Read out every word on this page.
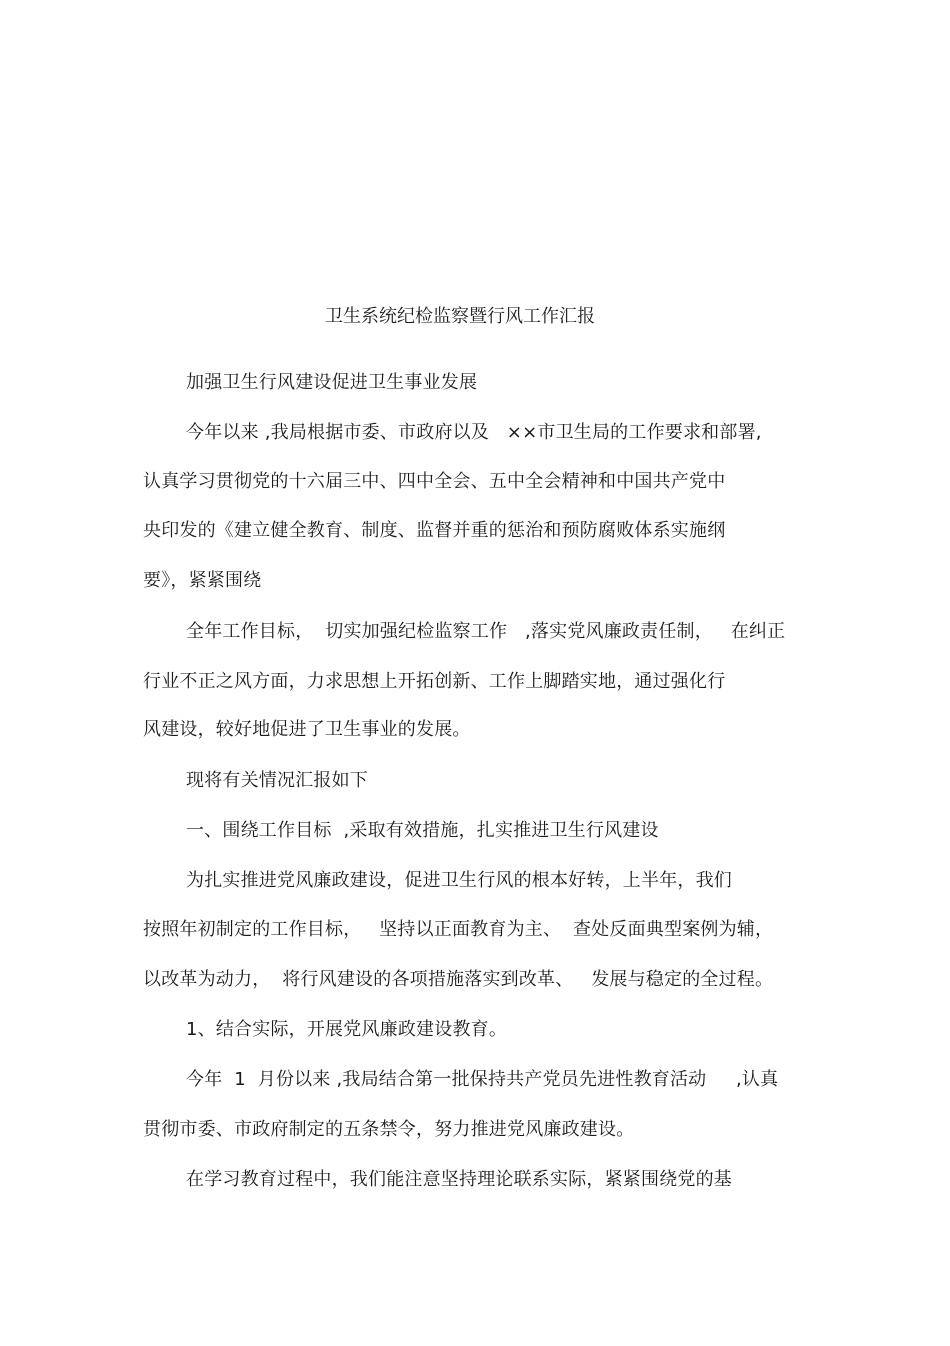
卫生系统纪检监察暨行风工作汇报
加强卫生行风建设促进卫生事业发展
今年以来 ,我局根据市委、市政府以及   ××市卫生局的工作要求和部署,
认真学习贯彻党的十六届三中、四中全会、五中全会精神和中国共产党中
央印发的《建立健全教育、制度、监督并重的惩治和预防腐败体系实施纲
要》，紧紧围绕
全年工作目标，  切实加强纪检监察工作   ,落实党风廉政责任制，   在纠正
行业不正之风方面，力求思想上开拓创新、工作上脚踏实地，通过强化行
风建设，较好地促进了卫生事业的发展。
现将有关情况汇报如下
一、围绕工作目标  ,采取有效措施，扎实推进卫生行风建设
为扎实推进党风廉政建设，促进卫生行风的根本好转，上半年，我们
按照年初制定的工作目标，   坚持以正面教育为主、  查处反面典型案例为辅，
以改革为动力，  将行风建设的各项措施落实到改革、   发展与稳定的全过程。
1、结合实际，开展党风廉政建设教育。
今年  1  月份以来 ,我局结合第一批保持共产党员先进性教育活动     ,认真
贯彻市委、市政府制定的五条禁令，努力推进党风廉政建设。
在学习教育过程中，我们能注意坚持理论联系实际，紧紧围绕党的基
